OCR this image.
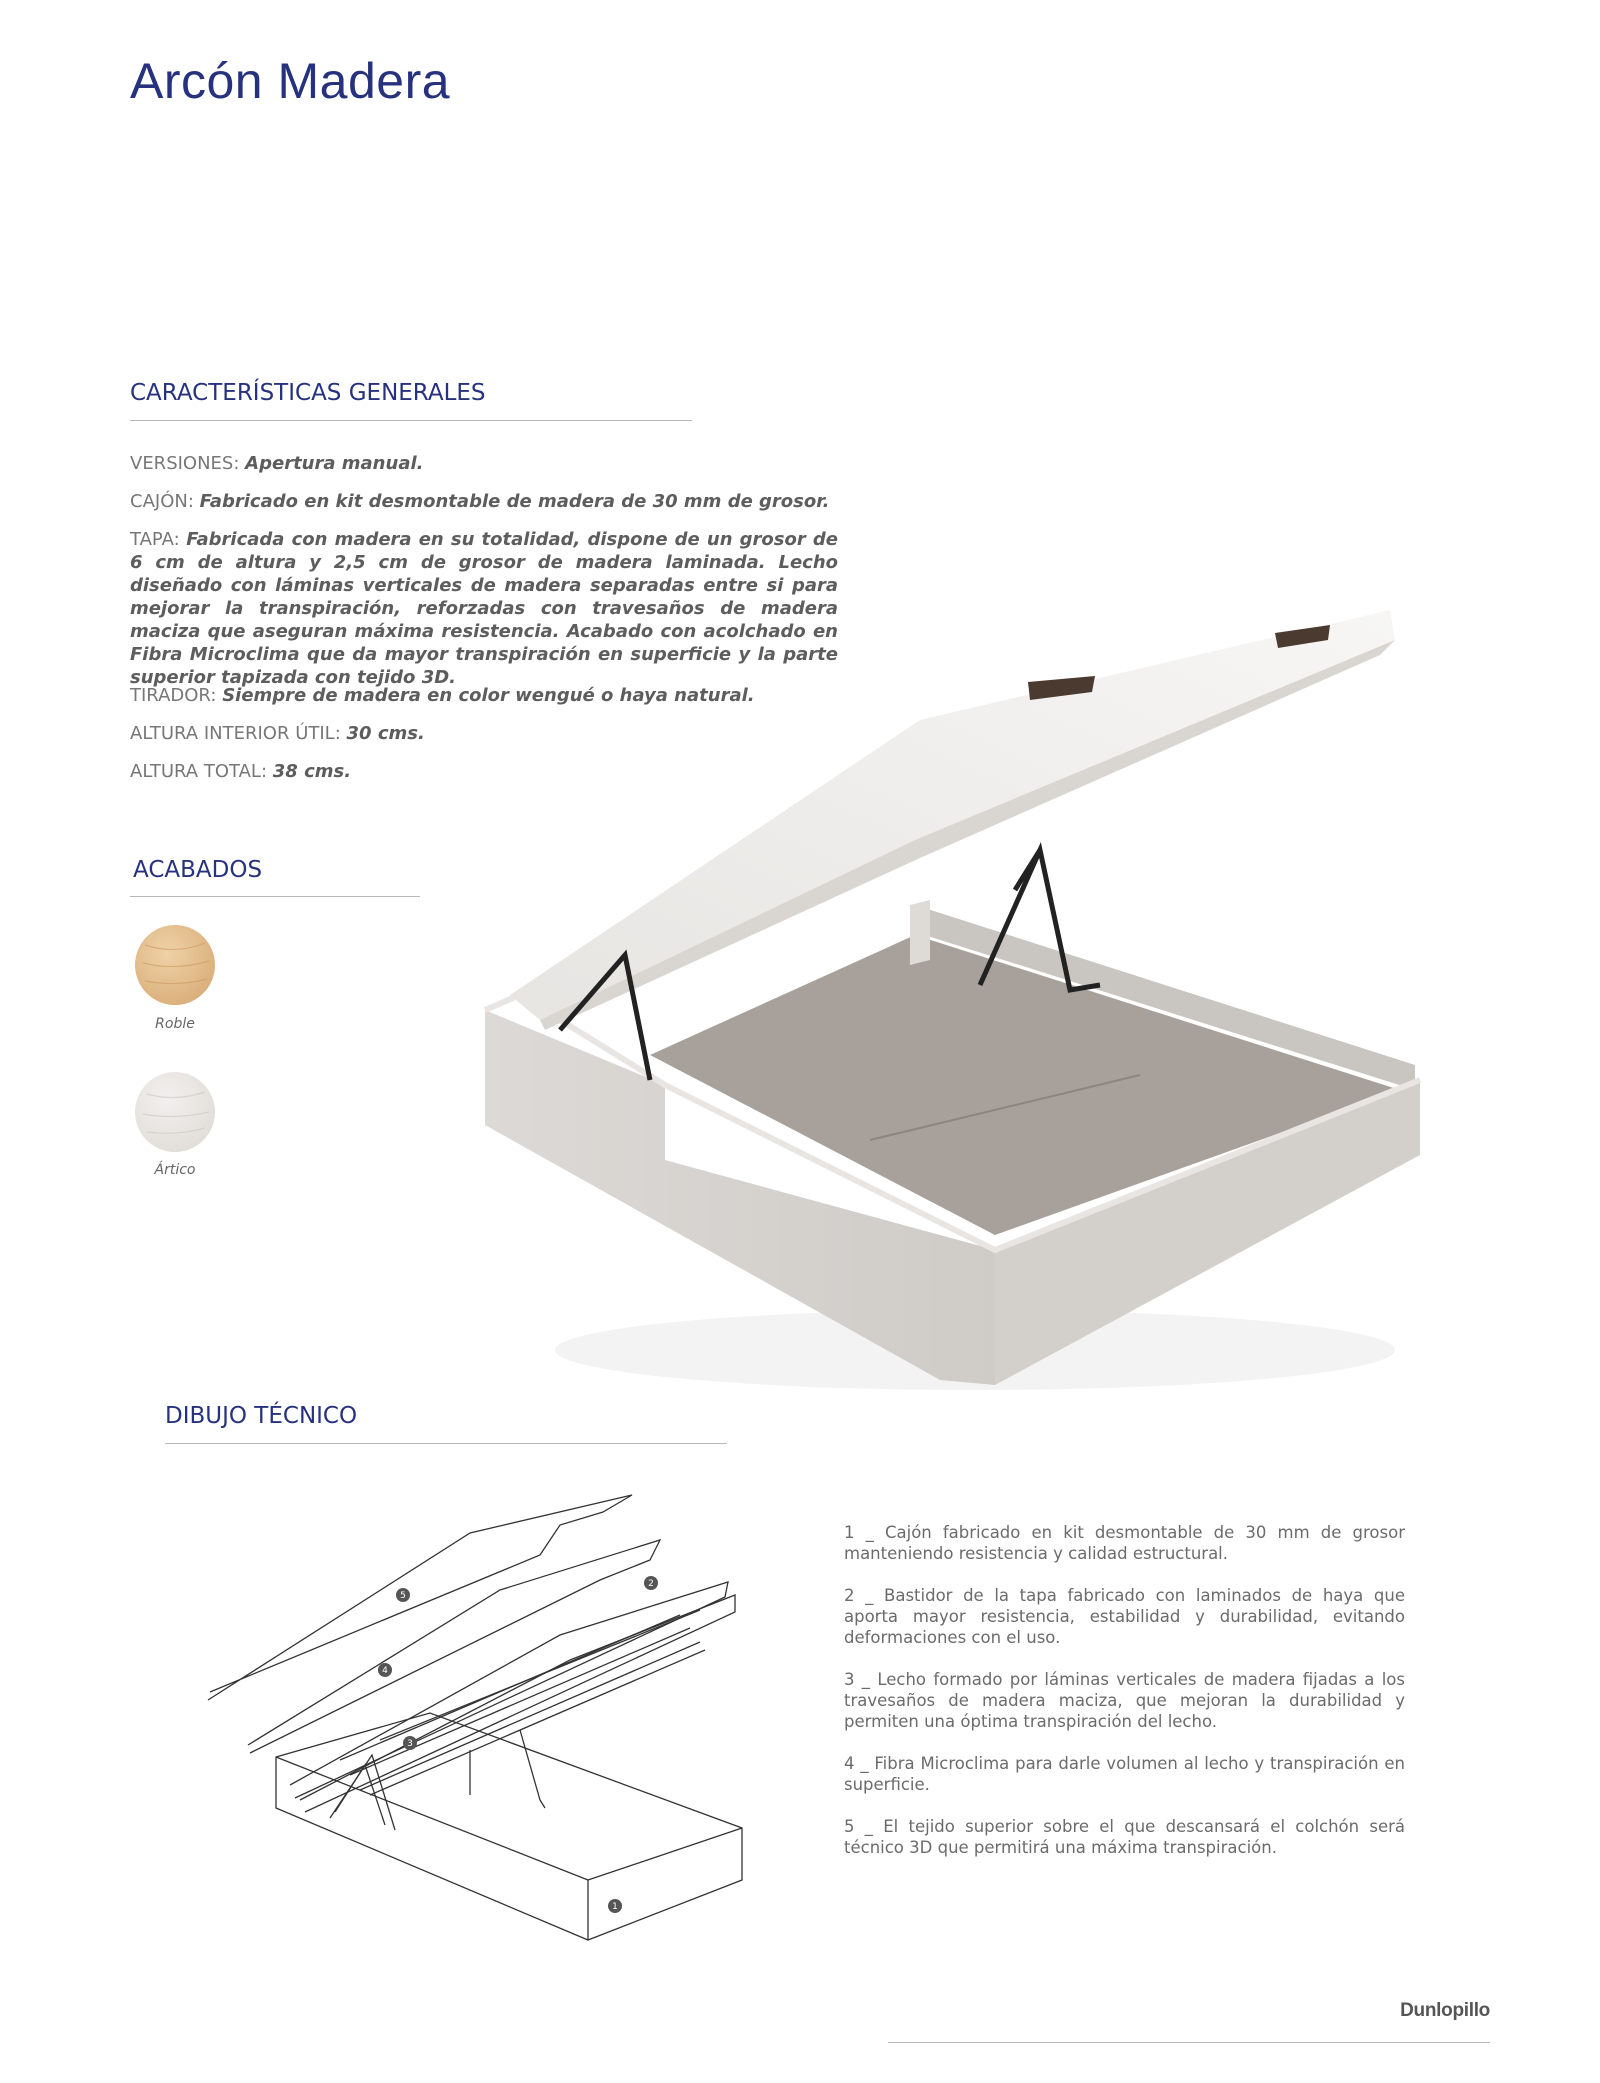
Arcón Madera
CARACTERÍSTICAS GENERALES
VERSIONES: Apertura manual.
CAJÓN: Fabricado en kit desmontable de madera de 30 mm de grosor.
TAPA: Fabricada con madera en su totalidad, dispone de un grosor de 6 cm de altura y 2,5 cm de grosor de madera laminada. Lecho diseñado con láminas verticales de madera separadas entre si para mejorar la transpiración, reforzadas con travesaños de madera maciza que aseguran máxima resistencia. Acabado con acolchado en Fibra Microclima que da mayor transpiración en superficie y la parte superior tapizada con tejido 3D.
TIRADOR: Siempre de madera en color wengué o haya natural.
ALTURA INTERIOR ÚTIL: 30 cms.
ALTURA TOTAL: 38 cms.
ACABADOS
Roble
Ártico
DIBUJO TÉCNICO
1
2
3
4
5

1 _ Cajón fabricado en kit desmontable de 30 mm de grosor manteniendo resistencia y calidad estructural.

2 _ Bastidor de la tapa fabricado con laminados de haya que aporta mayor resistencia, estabilidad y durabilidad, evitando deformaciones con el uso.

3 _ Lecho formado por láminas verticales de madera fijadas a los travesaños de madera maciza, que mejoran la durabilidad y permiten una óptima transpiración del lecho.

4 _ Fibra Microclima para darle volumen al lecho y transpiración en superficie.

5 _ El tejido superior sobre el que descansará el colchón será técnico 3D que permitirá una máxima transpiración.

Dunlopillo
